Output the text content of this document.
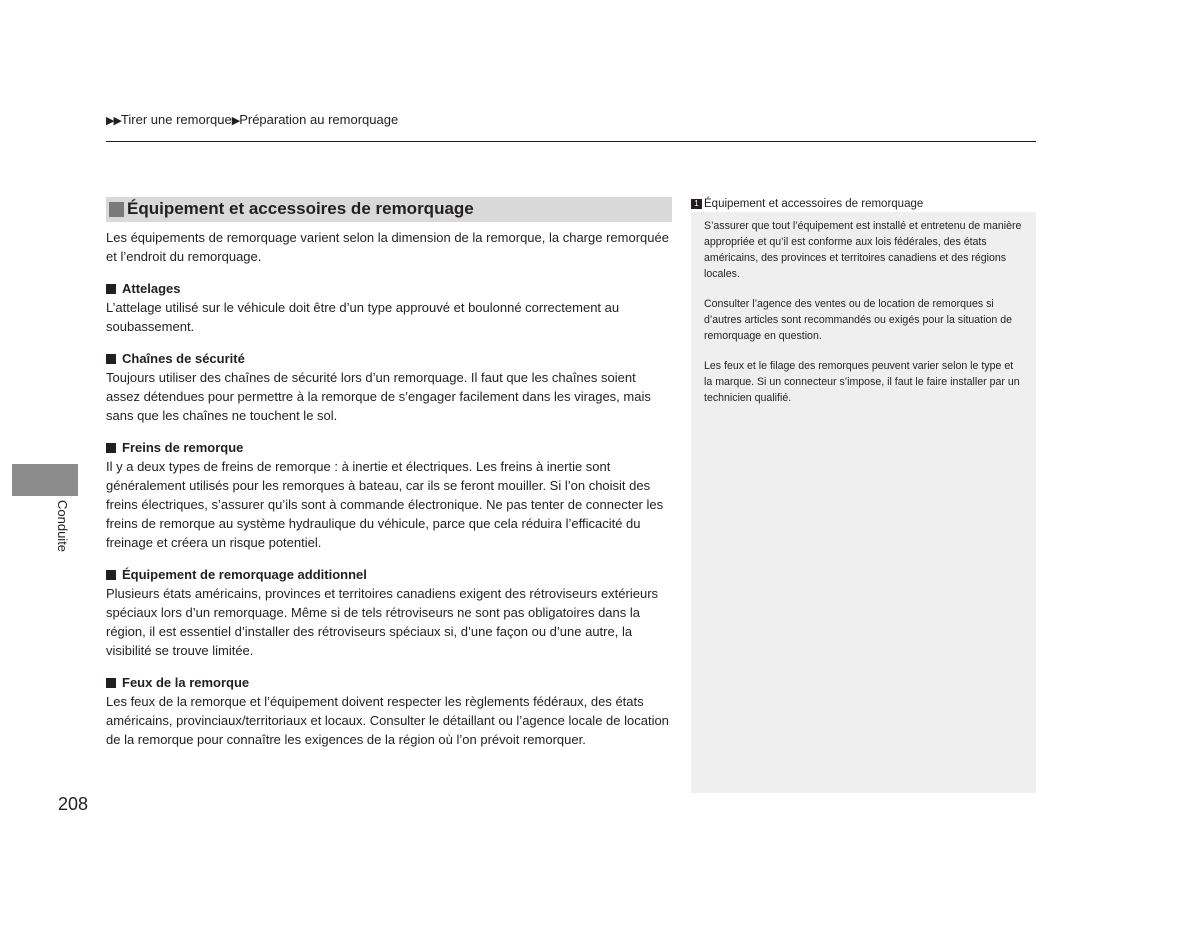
▶▶Tirer une remorque▶Préparation au remorquage
Équipement et accessoires de remorquage

Les équipements de remorquage varient selon la dimension de la remorque, la charge remorquée et l’endroit du remorquage.

Attelages

L’attelage utilisé sur le véhicule doit être d’un type approuvé et boulonné correctement au soubassement.

Chaînes de sécurité

Toujours utiliser des chaînes de sécurité lors d’un remorquage. Il faut que les chaînes soient assez détendues pour permettre à la remorque de s’engager facilement dans les virages, mais sans que les chaînes ne touchent le sol.

Freins de remorque

Il y a deux types de freins de remorque : à inertie et électriques. Les freins à inertie sont généralement utilisés pour les remorques à bateau, car ils se feront mouiller. Si l’on choisit des freins électriques, s’assurer qu’ils sont à commande électronique. Ne pas tenter de connecter les freins de remorque au système hydraulique du véhicule, parce que cela réduira l’efficacité du freinage et créera un risque potentiel.

Équipement de remorquage additionnel

Plusieurs états américains, provinces et territoires canadiens exigent des rétroviseurs extérieurs spéciaux lors d’un remorquage. Même si de tels rétroviseurs ne sont pas obligatoires dans la région, il est essentiel d’installer des rétroviseurs spéciaux si, d’une façon ou d’une autre, la visibilité se trouve limitée.

Feux de la remorque

Les feux de la remorque et l’équipement doivent respecter les règlements fédéraux, des états américains, provinciaux/territoriaux et locaux. Consulter le détaillant ou l’agence locale de location de la remorque pour connaître les exigences de la région où l’on prévoit remorquer.

1 Équipement et accessoires de remorquage

S’assurer que tout l’équipement est installé et entretenu de manière appropriée et qu’il est conforme aux lois fédérales, des états américains, des provinces et territoires canadiens et des régions locales.

Consulter l’agence des ventes ou de location de remorques si d’autres articles sont recommandés ou exigés pour la situation de remorquage en question.

Les feux et le filage des remorques peuvent varier selon le type et la marque. Si un connecteur s’impose, il faut le faire installer par un technicien qualifié.

Conduite
208
